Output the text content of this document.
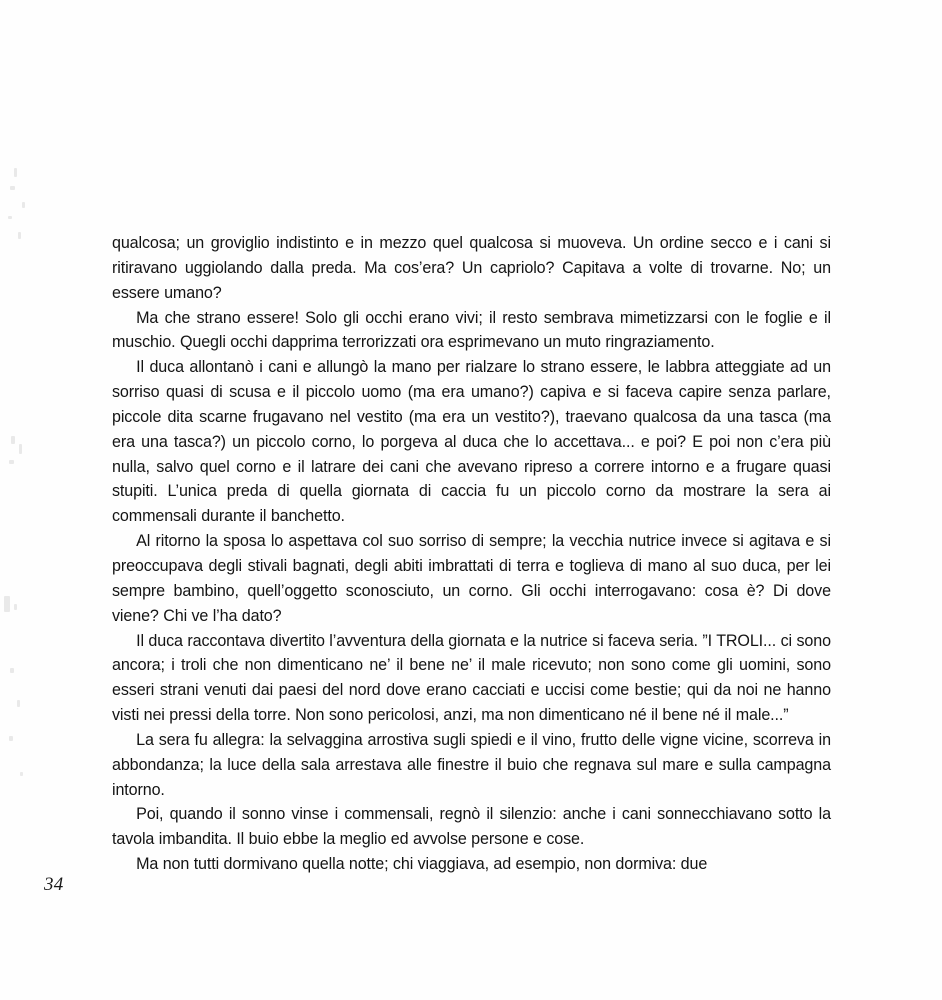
qualcosa; un groviglio indistinto e in mezzo quel qualcosa si muoveva. Un ordine secco e i cani si ritiravano uggiolando dalla preda. Ma cos’era? Un capriolo? Capitava a volte di trovarne. No; un essere umano?

Ma che strano essere! Solo gli occhi erano vivi; il resto sembrava mimetizzarsi con le foglie e il muschio. Quegli occhi dapprima terrorizzati ora esprimevano un muto ringraziamento.

Il duca allontanò i cani e allungò la mano per rialzare lo strano essere, le labbra atteggiate ad un sorriso quasi di scusa e il piccolo uomo (ma era umano?) capiva e si faceva capire senza parlare, piccole dita scarne frugavano nel vestito (ma era un vestito?), traevano qualcosa da una tasca (ma era una tasca?) un piccolo corno, lo porgeva al duca che lo accettava... e poi? E poi non c’era più nulla, salvo quel corno e il latrare dei cani che avevano ripreso a correre intorno e a frugare quasi stupiti. L’unica preda di quella giornata di caccia fu un piccolo corno da mostrare la sera ai commensali durante il banchetto.

Al ritorno la sposa lo aspettava col suo sorriso di sempre; la vecchia nutrice invece si agitava e si preoccupava degli stivali bagnati, degli abiti imbrattati di terra e toglieva di mano al suo duca, per lei sempre bambino, quell’oggetto sconosciuto, un corno. Gli occhi interrogavano: cosa è? Di dove viene? Chi ve l’ha dato?

Il duca raccontava divertito l’avventura della giornata e la nutrice si faceva seria. ”I TROLI... ci sono ancora; i troli che non dimenticano ne’ il bene ne’ il male ricevuto; non sono come gli uomini, sono esseri strani venuti dai paesi del nord dove erano cacciati e uccisi come bestie; qui da noi ne hanno visti nei pressi della torre. Non sono pericolosi, anzi, ma non dimenticano né il bene né il male...”

La sera fu allegra: la selvaggina arrostiva sugli spiedi e il vino, frutto delle vigne vicine, scorreva in abbondanza; la luce della sala arrestava alle finestre il buio che regnava sul mare e sulla campagna intorno.

Poi, quando il sonno vinse i commensali, regnò il silenzio: anche i cani sonnecchiavano sotto la tavola imbandita. Il buio ebbe la meglio ed avvolse persone e cose.

Ma non tutti dormivano quella notte; chi viaggiava, ad esempio, non dormiva: due

34
